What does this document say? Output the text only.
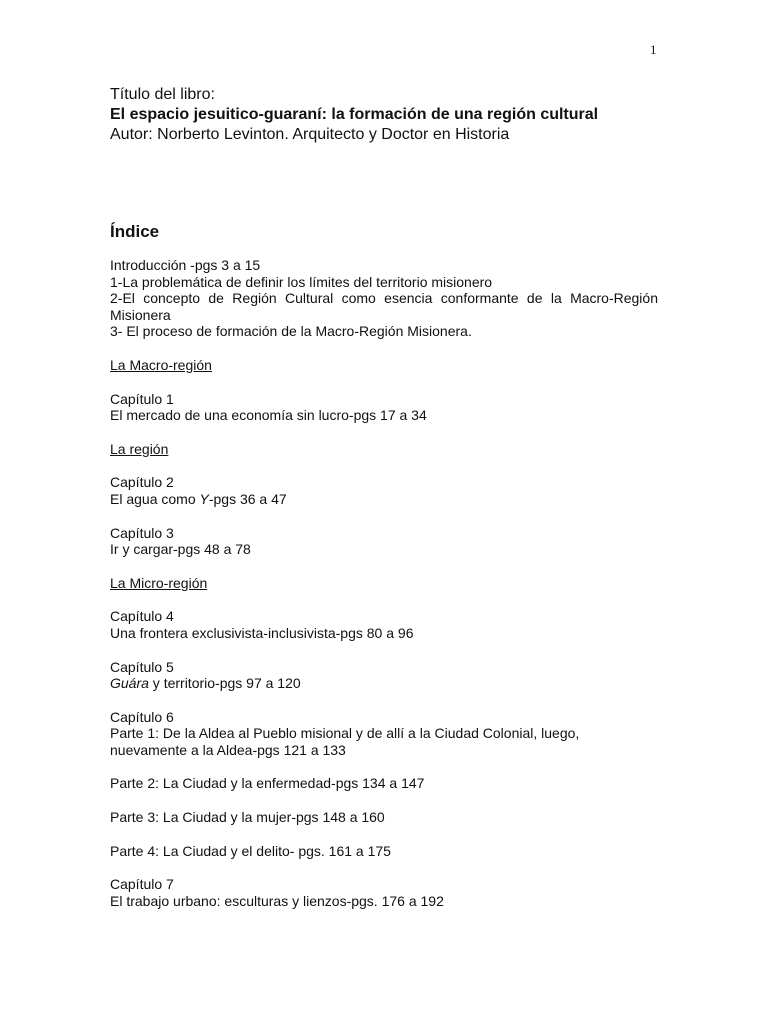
1
Título del libro:
El espacio jesuitico-guaraní: la formación de una región cultural
Autor: Norberto Levinton. Arquitecto y Doctor en Historia
Índice

Introducción -pgs 3 a 15

1-La problemática de definir los límites del territorio misionero

2-El concepto de Región Cultural como esencia conformante de la Macro-Región Misionera

3- El proceso de formación de la Macro-Región Misionera.

La Macro-región

Capítulo 1

El mercado de una economía sin lucro-pgs 17 a 34

La región

Capítulo 2

El agua como Y-pgs 36 a 47

Capítulo 3

Ir y cargar-pgs 48 a 78

La Micro-región

Capítulo 4

Una frontera exclusivista-inclusivista-pgs 80 a 96

Capítulo 5

Guára y territorio-pgs 97 a 120

Capítulo 6

Parte 1: De la Aldea al Pueblo misional y de allí a la Ciudad Colonial, luego, nuevamente a la Aldea-pgs 121 a 133

Parte 2: La Ciudad y la enfermedad-pgs 134 a 147

Parte 3: La Ciudad y la mujer-pgs 148 a 160

Parte 4: La Ciudad y el delito- pgs. 161 a 175

Capítulo 7

El trabajo urbano: esculturas y lienzos-pgs. 176 a 192
